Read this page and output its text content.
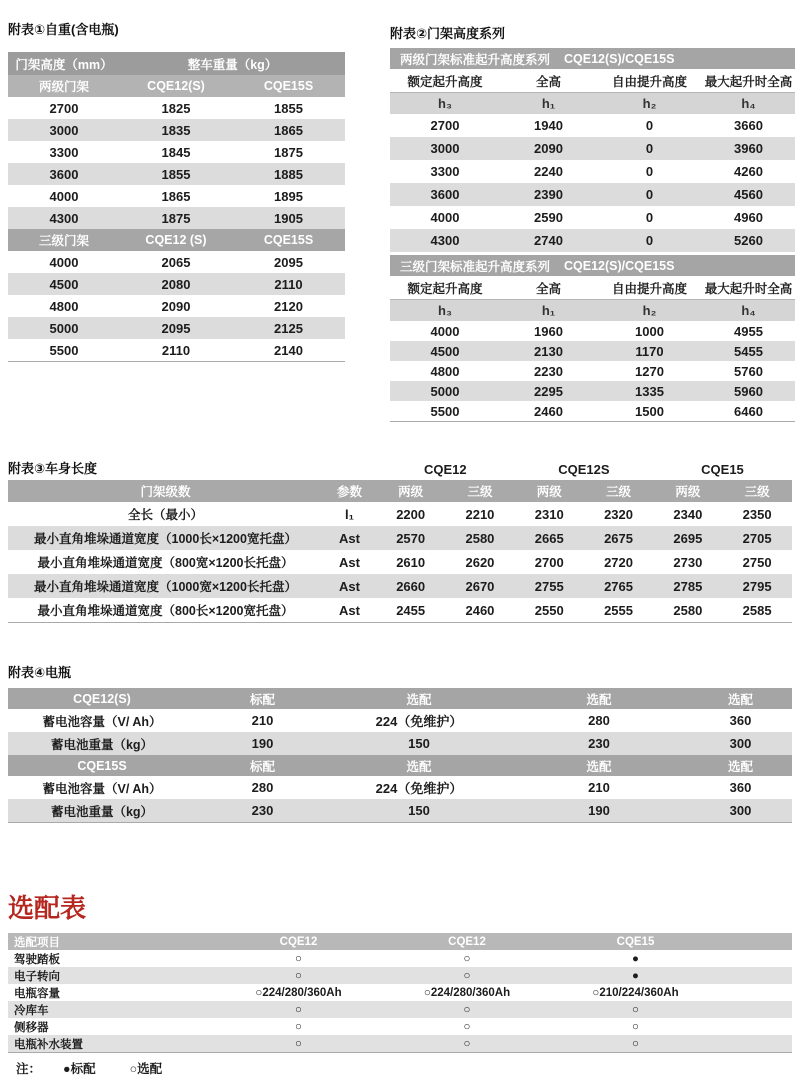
附表①自重(含电瓶)
门架高度（mm）	整车重量（kg）
两级门架	CQE12(S)	CQE15S
2700	1825	1855
3000	1835	1865
3300	1845	1875
3600	1855	1885
4000	1865	1895
4300	1875	1905
三级门架	CQE12 (S)	CQE15S
4000	2065	2095
4500	2080	2110
4800	2090	2120
5000	2095	2125
5500	2110	2140
附表②门架高度系列
两级门架标准起升高度系列 CQE12(S)/CQE15S
额定起升高度	全高	自由提升高度	最大起升时全高
h₃	h₁	h₂	h₄
2700	1940	0	3660
3000	2090	0	3960
3300	2240	0	4260
3600	2390	0	4560
4000	2590	0	4960
4300	2740	0	5260
三级门架标准起升高度系列 CQE12(S)/CQE15S
额定起升高度	全高	自由提升高度	最大起升时全高
h₃	h₁	h₂	h₄
4000	1960	1000	4955
4500	2130	1170	5455
4800	2230	1270	5760
5000	2295	1335	5960
5500	2460	1500	6460
附表③车身长度	CQE12	CQE12S	CQE15
门架级数	参数	两级	三级	两级	三级	两级	三级
全长（最小）	l₁	2200	2210	2310	2320	2340	2350
最小直角堆垛通道宽度（1000长×1200宽托盘）	Ast	2570	2580	2665	2675	2695	2705
最小直角堆垛通道宽度（800宽×1200长托盘）	Ast	2610	2620	2700	2720	2730	2750
最小直角堆垛通道宽度（1000宽×1200长托盘）	Ast	2660	2670	2755	2765	2785	2795
最小直角堆垛通道宽度（800长×1200宽托盘）	Ast	2455	2460	2550	2555	2580	2585
附表④电瓶
CQE12(S)	标配	选配	选配	选配
蓄电池容量（V/ Ah）	210	224（免维护）	280	360
蓄电池重量（kg）	190	150	230	300
CQE15S	标配	选配	选配	选配
蓄电池容量（V/ Ah）	280	224（免维护）	210	360
蓄电池重量（kg）	230	150	190	300
选配表
选配项目	CQE12	CQE12	CQE15
驾驶踏板	○	○	●
电子转向	○	○	●
电瓶容量	○224/280/360Ah	○224/280/360Ah	○210/224/360Ah
冷库车	○	○	○
侧移器	○	○	○
电瓶补水装置	○	○	○
注： ●标配	○选配
